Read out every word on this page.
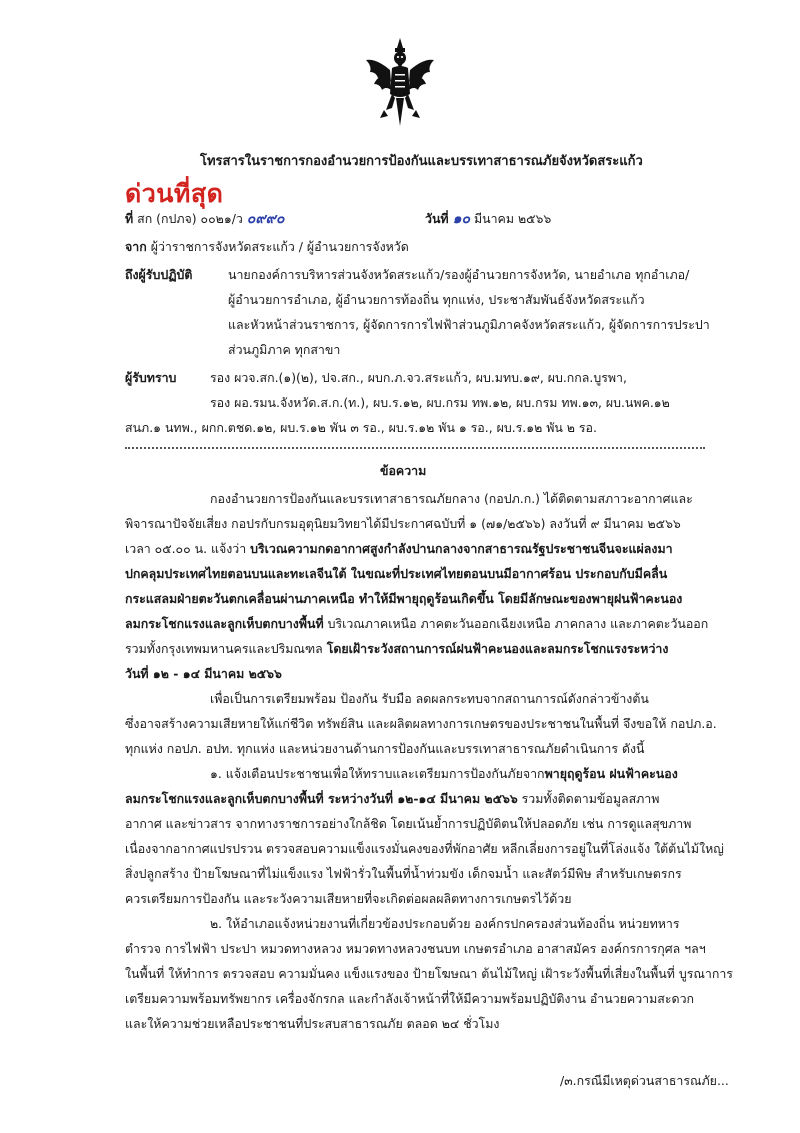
โทรสารในราชการกองอำนวยการป้องกันและบรรเทาสาธารณภัยจังหวัดสระแก้ว
ด่วนที่สุด
ที่ สก (กปภจ) ๐๐๒๑/ว ๐๙๙๐	วันที่ ๑๐ มีนาคม ๒๕๖๖
จาก ผู้ว่าราชการจังหวัดสระแก้ว / ผู้อำนวยการจังหวัด
ถึงผู้รับปฏิบัติ	นายกองค์การบริหารส่วนจังหวัดสระแก้ว/รองผู้อำนวยการจังหวัด, นายอำเภอ ทุกอำเภอ/
ผู้อำนวยการอำเภอ, ผู้อำนวยการท้องถิ่น ทุกแห่ง, ประชาสัมพันธ์จังหวัดสระแก้ว
และหัวหน้าส่วนราชการ, ผู้จัดการการไฟฟ้าส่วนภูมิภาคจังหวัดสระแก้ว, ผู้จัดการการประปา
ส่วนภูมิภาค ทุกสาขา
ผู้รับทราบ	รอง ผวจ.สก.(๑)(๒), ปจ.สก., ผบก.ภ.จว.สระแก้ว, ผบ.มทบ.๑๙, ผบ.กกล.บูรพา,
รอง ผอ.รมน.จังหวัด.ส.ก.(ท.), ผบ.ร.๑๒, ผบ.กรม ทพ.๑๒, ผบ.กรม ทพ.๑๓, ผบ.นพค.๑๒
สนภ.๑ นทพ., ผกก.ตชด.๑๒, ผบ.ร.๑๒ พัน ๓ รอ., ผบ.ร.๑๒ พัน ๑ รอ., ผบ.ร.๑๒ พัน ๒ รอ.
ข้อความ
กองอำนวยการป้องกันและบรรเทาสาธารณภัยกลาง (กอปภ.ก.) ได้ติดตามสภาวะอากาศและ
พิจารณาปัจจัยเสี่ยง กอปรกับกรมอุตุนิยมวิทยาได้มีประกาศฉบับที่ ๑ (๗๑/๒๕๖๖) ลงวันที่ ๙ มีนาคม ๒๕๖๖
เวลา ๐๕.๐๐ น. แจ้งว่า บริเวณความกดอากาศสูงกำลังปานกลางจากสาธารณรัฐประชาชนจีนจะแผ่ลงมา
ปกคลุมประเทศไทยตอนบนและทะเลจีนใต้ ในขณะที่ประเทศไทยตอนบนมีอากาศร้อน ประกอบกับมีคลื่น
กระแสลมฝ่ายตะวันตกเคลื่อนผ่านภาคเหนือ ทำให้มีพายุฤดูร้อนเกิดขึ้น โดยมีลักษณะของพายุฝนฟ้าคะนอง
ลมกระโชกแรงและลูกเห็บตกบางพื้นที่ บริเวณภาคเหนือ ภาคตะวันออกเฉียงเหนือ ภาคกลาง และภาคตะวันออก
รวมทั้งกรุงเทพมหานครและปริมณฑล โดยเฝ้าระวังสถานการณ์ฝนฟ้าคะนองและลมกระโชกแรงระหว่าง
วันที่ ๑๒ - ๑๔ มีนาคม ๒๕๖๖
เพื่อเป็นการเตรียมพร้อม ป้องกัน รับมือ ลดผลกระทบจากสถานการณ์ดังกล่าวข้างต้น
ซึ่งอาจสร้างความเสียหายให้แก่ชีวิต ทรัพย์สิน และผลิตผลทางการเกษตรของประชาชนในพื้นที่ จึงขอให้ กอปภ.อ.
ทุกแห่ง กอปภ. อปท. ทุกแห่ง และหน่วยงานด้านการป้องกันและบรรเทาสาธารณภัยดำเนินการ ดังนี้
๑. แจ้งเตือนประชาชนเพื่อให้ทราบและเตรียมการป้องกันภัยจากพายุฤดูร้อน ฝนฟ้าคะนอง
ลมกระโชกแรงและลูกเห็บตกบางพื้นที่ ระหว่างวันที่ ๑๒-๑๔ มีนาคม ๒๕๖๖ รวมทั้งติดตามข้อมูลสภาพ
อากาศ และข่าวสาร จากทางราชการอย่างใกล้ชิด โดยเน้นย้ำการปฏิบัติตนให้ปลอดภัย เช่น การดูแลสุขภาพ
เนื่องจากอากาศแปรปรวน ตรวจสอบความแข็งแรงมั่นคงของที่พักอาศัย หลีกเลี่ยงการอยู่ในที่โล่งแจ้ง ใต้ต้นไม้ใหญ่
สิ่งปลูกสร้าง ป้ายโฆษณาที่ไม่แข็งแรง ไฟฟ้ารั่วในพื้นที่น้ำท่วมขัง เด็กจมน้ำ และสัตว์มีพิษ สำหรับเกษตรกร
ควรเตรียมการป้องกัน และระวังความเสียหายที่จะเกิดต่อผลผลิตทางการเกษตรไว้ด้วย
๒. ให้อำเภอแจ้งหน่วยงานที่เกี่ยวข้องประกอบด้วย องค์กรปกครองส่วนท้องถิ่น หน่วยทหาร
ตำรวจ การไฟฟ้า ประปา หมวดทางหลวง หมวดทางหลวงชนบท เกษตรอำเภอ อาสาสมัคร องค์กรการกุศล ฯลฯ
ในพื้นที่ ให้ทำการ ตรวจสอบ ความมั่นคง แข็งแรงของ ป้ายโฆษณา ต้นไม้ใหญ่ เฝ้าระวังพื้นที่เสี่ยงในพื้นที่ บูรณาการ
เตรียมความพร้อมทรัพยากร เครื่องจักรกล และกำลังเจ้าหน้าที่ให้มีความพร้อมปฏิบัติงาน อำนวยความสะดวก
และให้ความช่วยเหลือประชาชนที่ประสบสาธารณภัย ตลอด ๒๔ ชั่วโมง
/๓.กรณีมีเหตุด่วนสาธารณภัย...
